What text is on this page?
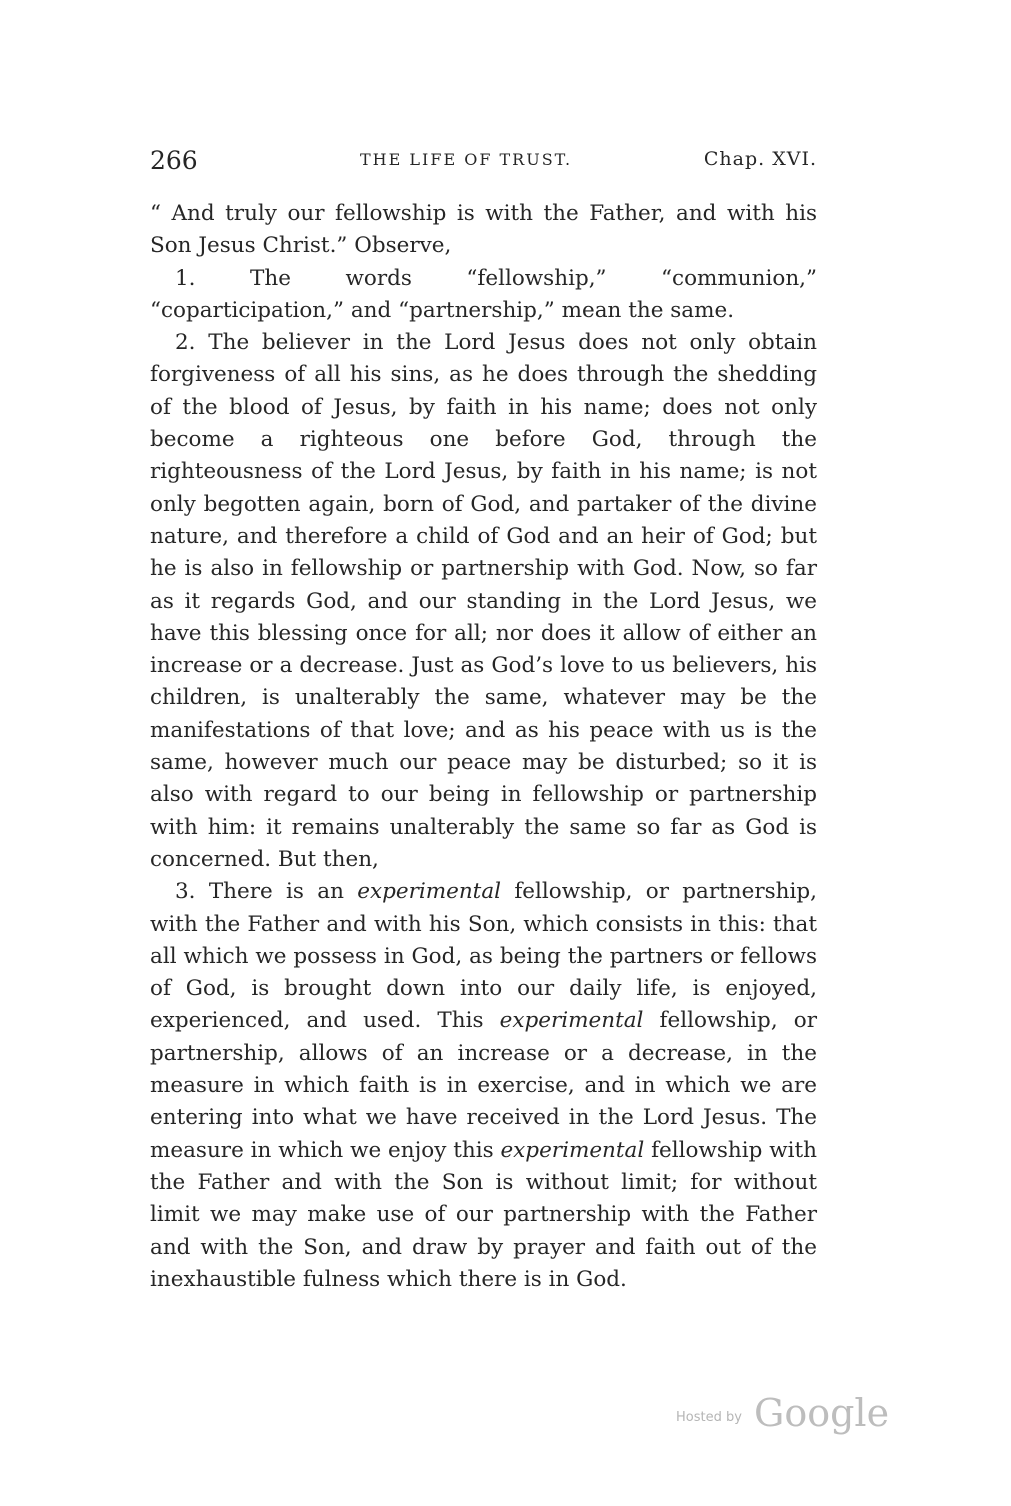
266	THE LIFE OF TRUST.	Chap. XVI.

“ And truly our fellowship is with the Father, and with his Son Jesus Christ.” Observe,

1. The words “fellowship,” “communion,” “coparticipation,” and “partnership,” mean the same.

2. The believer in the Lord Jesus does not only obtain forgiveness of all his sins, as he does through the shedding of the blood of Jesus, by faith in his name; does not only become a righteous one before God, through the righteousness of the Lord Jesus, by faith in his name; is not only begotten again, born of God, and partaker of the divine nature, and therefore a child of God and an heir of God; but he is also in fellowship or partnership with God. Now, so far as it regards God, and our standing in the Lord Jesus, we have this blessing once for all; nor does it allow of either an increase or a decrease. Just as God’s love to us believers, his children, is unalterably the same, whatever may be the manifestations of that love; and as his peace with us is the same, however much our peace may be disturbed; so it is also with regard to our being in fellowship or partnership with him: it remains unalterably the same so far as God is concerned. But then,

3. There is an experimental fellowship, or partnership, with the Father and with his Son, which consists in this: that all which we possess in God, as being the partners or fellows of God, is brought down into our daily life, is enjoyed, experienced, and used. This experimental fellowship, or partnership, allows of an increase or a decrease, in the measure in which faith is in exercise, and in which we are entering into what we have received in the Lord Jesus. The measure in which we enjoy this experimental fellowship with the Father and with the Son is without limit; for without limit we may make use of our partnership with the Father and with the Son, and draw by prayer and faith out of the inexhaustible fulness which there is in God.

Hosted by Google
